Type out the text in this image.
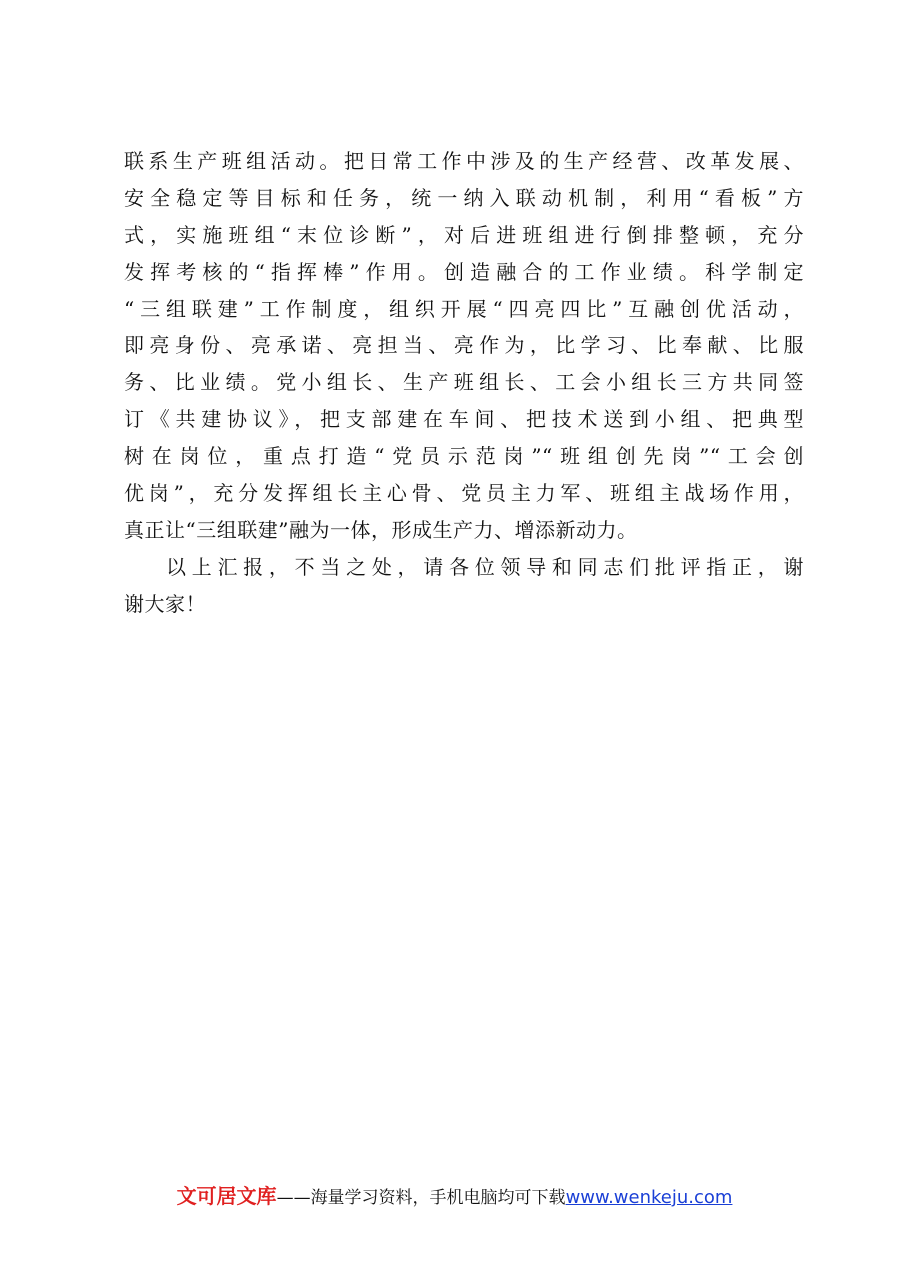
联系生产班组活动。把日常工作中涉及的生产经营、改革发展、
安全稳定等目标和任务，统一纳入联动机制，利用“看板”方
式，实施班组“末位诊断”，对后进班组进行倒排整顿，充分
发挥考核的“指挥棒”作用。创造融合的工作业绩。科学制定
“三组联建”工作制度，组织开展“四亮四比”互融创优活动，
即亮身份、亮承诺、亮担当、亮作为，比学习、比奉献、比服
务、比业绩。党小组长、生产班组长、工会小组长三方共同签
订《共建协议》，把支部建在车间、把技术送到小组、把典型
树在岗位，重点打造“党员示范岗”“班组创先岗”“工会创
优岗”，充分发挥组长主心骨、党员主力军、班组主战场作用，
真正让“三组联建”融为一体，形成生产力、增添新动力。
以上汇报，不当之处，请各位领导和同志们批评指正，谢
谢大家！
文可居文库——海量学习资料，手机电脑均可下载www.wenkeju.com
